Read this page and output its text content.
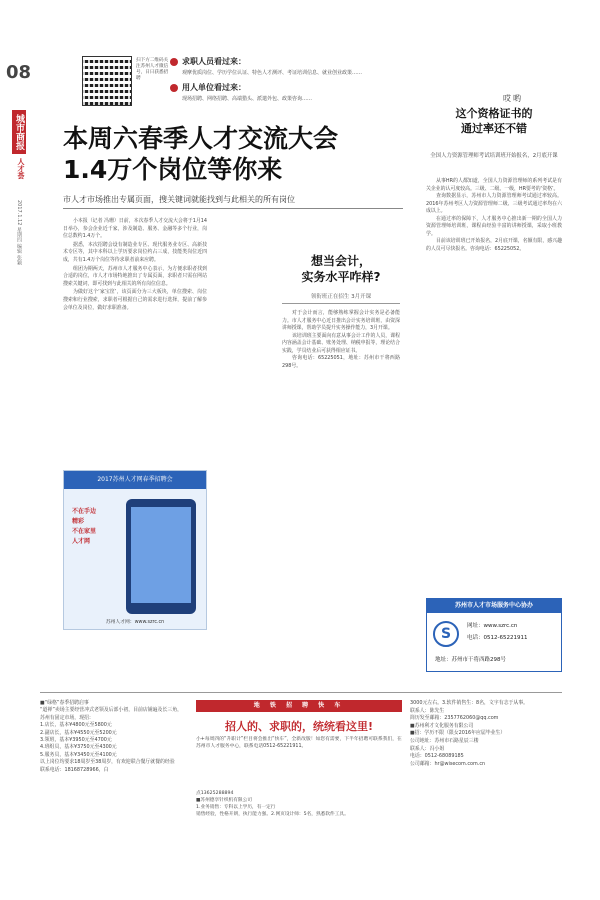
08
城市商报
人才荟
2017.1.12 星期四 编辑 张颖
扫下方二维码关注苏州人才微信号，日日获悉招聘
求职人员看过来：
观摩优质岗位、学历学位认证、特色人才测评、考证培训信息、就业创业政策……
用人单位看过来：
现场招聘、网络招聘、高端猎头、派遣外包、政策咨询……
本周六春季人才交流大会
1.4万个岗位等你来
市人才市场推出专属页面，搜关键词就能找到与此相关的所有岗位

小本报（记者 冯珊）日前，本次春季人才交流大会将于1月14日举办，参会企业近千家，涉及制造、服务、金融等多个行业，岗位总数约1.4万个。

据悉，本次招聘会设有制造业专区、现代服务业专区、高新技术专区等，其中本科以上学历要求岗位约占三成，技能类岗位近四成，共有1.4万个岗位等待求职者前来应聘。

组团为期两天，苏州市人才服务中心表示，为方便求职者找到合适的岗位，市人才市场特地推出了专属页面，求职者只需在网站搜索关键词，即可找到与此相关的所有岗位信息。

为做好这个‘家宝筐’，该页面分为三大板块，单位搜索、岗位搜索和行业搜索，求职者可根据自己的需求进行选择，提前了解参会单位及岗位，做好求职准备。

2017苏州人才网春季招聘会
不在手边
精彩
不在家里
人才网
苏州人才网：www.szrc.cn
想当会计，
实务水平咋样?
领衔班正在招生 3月开课

对于会计而言，能够熟练掌握会计实务是必备能力。市人才服务中心近日推出会计实务培训班，由资深讲师授课，帮助学员提升实务操作能力，3月开课。

该培训班主要面向有意从事会计工作的人员，课程内容涵盖会计基础、账务处理、纳税申报等，理论结合实践，学员结业后可获得相应证书。

咨询电话：65225051，地址：苏州市干将西路298号。

哎哟
这个资格证书的
通过率还不错
全国人力资源管理师考试培训班开始报名，2月底开课

从事HR的人都知道，全国人力资源管理师的系列考试是有关企业的认可度较高。三级、二级、一级，HR要考的‘资格’。

查询数据显示，苏州市人力资源管理师考试通过率较高。2016年苏州考区人力资源管理师二级、三级考试通过率均在六成以上。

在通过率的保障下，人才服务中心推出新一期的全国人力资源管理师培训班，课程由经验丰富的讲师授课，采取小班教学。

目前该培训班已开始报名，2月底开课，名额有限，感兴趣的人员可尽快报名。咨询电话：65225052。

苏州市人才市场服务中心协办
S
网址：www.szrc.cn
电话：0512-65221911
地址：苏州市干将西路298号
■“绿格”春季招聘启事
“道禅”卖场主要经营冲式老领及后部小初，目前店铺遍及长三角，苏州有固定市场，现招：
1.店长，基本¥4800元至5800元
2.副店长，基本¥4550元至5200元
3.领班，基本¥3950元至4700元
4.班组员，基本¥3750元至4300元
5.服务员，基本¥3450元至4100元
以上岗位均要求18周岁至38周岁，有欢迎联合餐厅就餐的经验
联系电话：18168728966，白
地 铁 招 聘 快 车
招人的、求职的，统统看这里!
小+每周四的“升职计”栏目将会推出“快车”，全新改版！如您有需要，下半年招聘可联系我们，在苏州市人才服务中心，联系电话0512-65221911。
点13625288894
■苏州德享针织机有限公司
1.业务销售：专科以上学历，有一定行
销售经验，性格开朗，执行能力强。2.网页设计师：5名，熟悉软件工具。
3000元左右。3.软件销售生：8名，文字有志于从事。
联系人：陈先生
简历发至邮箱：2357762060@qq.com
■苏州利才文化服务有限公司
■招：学历不限（限女2016年应届毕业生）
公司地址：苏州市石路星辰三楼
联系人：冯小姐
电话：0512-68089185
公司邮箱：hr@wisecom.com.cn
